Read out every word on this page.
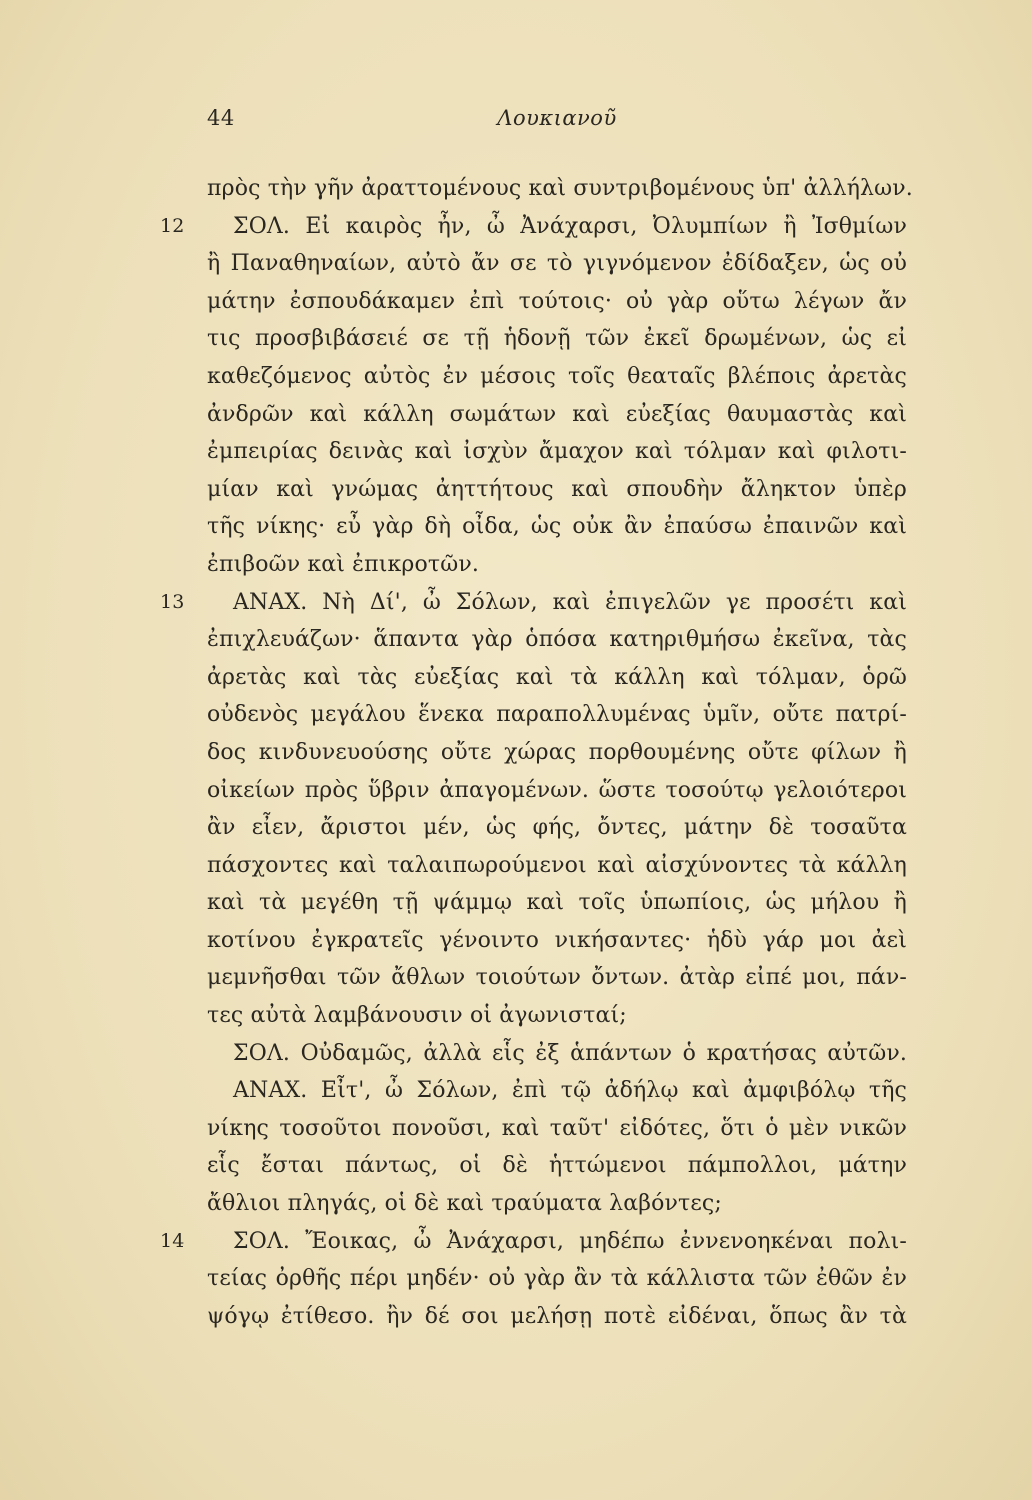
44	Λουκιανοῦ
πρὸς τὴν γῆν ἀραττομένους καὶ συντριβομένους ὑπ' ἀλλήλων.
12 ΣΟΛ. Εἰ καιρὸς ἦν, ὦ Ἀνάχαρσι, Ὀλυμπίων ἢ Ἰσθμίων
ἢ Παναθηναίων, αὐτὸ ἄν σε τὸ γιγνόμενον ἐδίδαξεν, ὡς οὐ
μάτην ἐσπουδάκαμεν ἐπὶ τούτοις· οὐ γὰρ οὕτω λέγων ἄν
τις προσβιβάσειέ σε τῇ ἡδονῇ τῶν ἐκεῖ δρωμένων, ὡς εἰ
καθεζόμενος αὐτὸς ἐν μέσοις τοῖς θεαταῖς βλέποις ἀρετὰς
ἀνδρῶν καὶ κάλλη σωμάτων καὶ εὐεξίας θαυμαστὰς καὶ
ἐμπειρίας δεινὰς καὶ ἰσχὺν ἄμαχον καὶ τόλμαν καὶ φιλοτι-
μίαν καὶ γνώμας ἀηττήτους καὶ σπουδὴν ἄληκτον ὑπὲρ
τῆς νίκης· εὖ γὰρ δὴ οἶδα, ὡς οὐκ ἂν ἐπαύσω ἐπαινῶν καὶ
ἐπιβοῶν καὶ ἐπικροτῶν.
13 ΑΝΑΧ. Νὴ Δί', ὦ Σόλων, καὶ ἐπιγελῶν γε προσέτι καὶ
ἐπιχλευάζων· ἅπαντα γὰρ ὁπόσα κατηριθμήσω ἐκεῖνα, τὰς
ἀρετὰς καὶ τὰς εὐεξίας καὶ τὰ κάλλη καὶ τόλμαν, ὁρῶ
οὐδενὸς μεγάλου ἕνεκα παραπολλυμένας ὑμῖν, οὔτε πατρί-
δος κινδυνευούσης οὔτε χώρας πορθουμένης οὔτε φίλων ἢ
οἰκείων πρὸς ὕβριν ἀπαγομένων. ὥστε τοσούτῳ γελοιότεροι
ἂν εἶεν, ἄριστοι μέν, ὡς φής, ὄντες, μάτην δὲ τοσαῦτα
πάσχοντες καὶ ταλαιπωρούμενοι καὶ αἰσχύνοντες τὰ κάλλη
καὶ τὰ μεγέθη τῇ ψάμμῳ καὶ τοῖς ὑπωπίοις, ὡς μήλου ἢ
κοτίνου ἐγκρατεῖς γένοιντο νικήσαντες· ἡδὺ γάρ μοι ἀεὶ
μεμνῆσθαι τῶν ἄθλων τοιούτων ὄντων. ἀτὰρ εἰπέ μοι, πάν-
τες αὐτὰ λαμβάνουσιν οἱ ἀγωνισταί;
ΣΟΛ. Οὐδαμῶς, ἀλλὰ εἷς ἐξ ἁπάντων ὁ κρατήσας αὐτῶν.
ΑΝΑΧ. Εἶτ', ὦ Σόλων, ἐπὶ τῷ ἀδήλῳ καὶ ἀμφιβόλῳ τῆς
νίκης τοσοῦτοι πονοῦσι, καὶ ταῦτ' εἰδότες, ὅτι ὁ μὲν νικῶν
εἷς ἔσται πάντως, οἱ δὲ ἡττώμενοι πάμπολλοι, μάτην
ἄθλιοι πληγάς, οἱ δὲ καὶ τραύματα λαβόντες;
14 ΣΟΛ. Ἔοικας, ὦ Ἀνάχαρσι, μηδέπω ἐννενοηκέναι πολι-
τείας ὀρθῆς πέρι μηδέν· οὐ γὰρ ἂν τὰ κάλλιστα τῶν ἐθῶν ἐν
ψόγῳ ἐτίθεσο. ἢν δέ σοι μελήσῃ ποτὲ εἰδέναι, ὅπως ἂν τὰ
